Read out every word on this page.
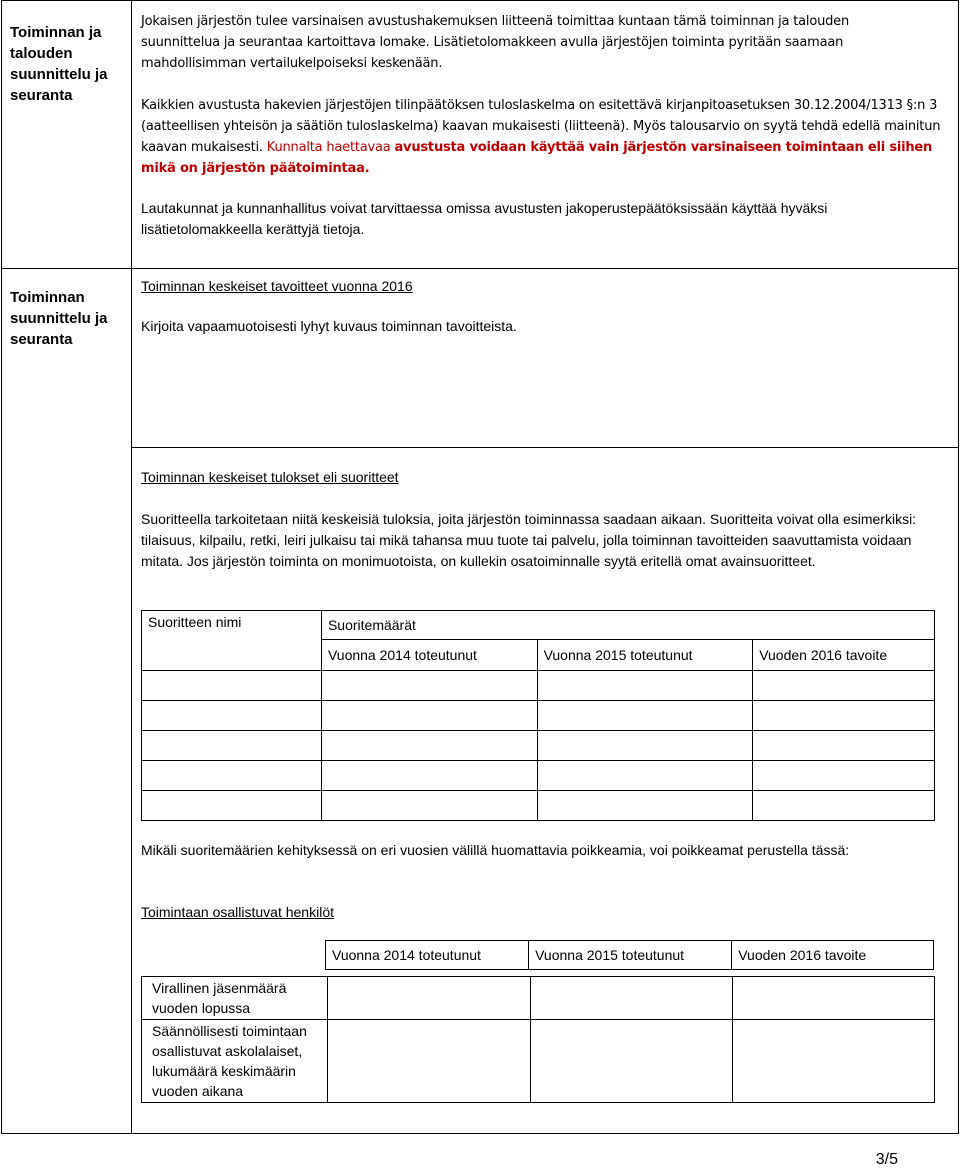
Toiminnan ja talouden suunnittelu ja seuranta
Jokaisen järjestön tulee varsinaisen avustushakemuksen liitteenä toimittaa kuntaan tämä toiminnan ja talouden suunnittelua ja seurantaa kartoittava lomake. Lisätietolomakkeen avulla järjestöjen toiminta pyritään saamaan mahdollisimman vertailukelpoiseksi keskenään.
Kaikkien avustusta hakevien järjestöjen tilinpäätöksen tuloslaskelma on esitettävä kirjanpitoasetuksen 30.12.2004/1313 §:n 3 (aatteellisen yhteisön ja säätiön tuloslaskelma) kaavan mukaisesti (liitteenä). Myös talousarvio on syytä tehdä edellä mainitun kaavan mukaisesti. Kunnalta haettavaa avustusta voidaan käyttää vain järjestön varsinaiseen toimintaan eli siihen mikä on järjestön päätoimintaa.
Lautakunnat ja kunnanhallitus voivat tarvittaessa omissa avustusten jakoperustepäätöksissään käyttää hyväksi lisätietolomakkeella kerättyjä tietoja.
Toiminnan suunnittelu ja seuranta
Toiminnan keskeiset tavoitteet vuonna 2016
Kirjoita vapaamuotoisesti lyhyt kuvaus toiminnan tavoitteista.
Toiminnan keskeiset tulokset eli suoritteet
Suoritteella tarkoitetaan niitä keskeisiä tuloksia, joita järjestön toiminnassa saadaan aikaan. Suoritteita voivat olla esimerkiksi: tilaisuus, kilpailu, retki, leiri julkaisu tai mikä tahansa muu tuote tai palvelu, jolla toiminnan tavoitteiden saavuttamista voidaan mitata. Jos järjestön toiminta on monimuotoista, on kullekin osatoiminnalle syytä eritellä omat avainsuoritteet.
Suoritteen nimi	Suoritemäärät		
	Vuonna 2014 toteutunut	Vuonna 2015 toteutunut	Vuoden 2016 tavoite

Mikäli suoritemäärien kehityksessä on eri vuosien välillä huomattavia poikkeamia, voi poikkeamat perustella tässä:
Toimintaan osallistuvat henkilöt
Vuonna 2014 toteutunut	Vuonna 2015 toteutunut	Vuoden 2016 tavoite
Virallinen jäsenmäärä vuoden lopussa			
Säännöllisesti toimintaan osallistuvat askolalaiset, lukumäärä keskimäärin vuoden aikana			
3/5
